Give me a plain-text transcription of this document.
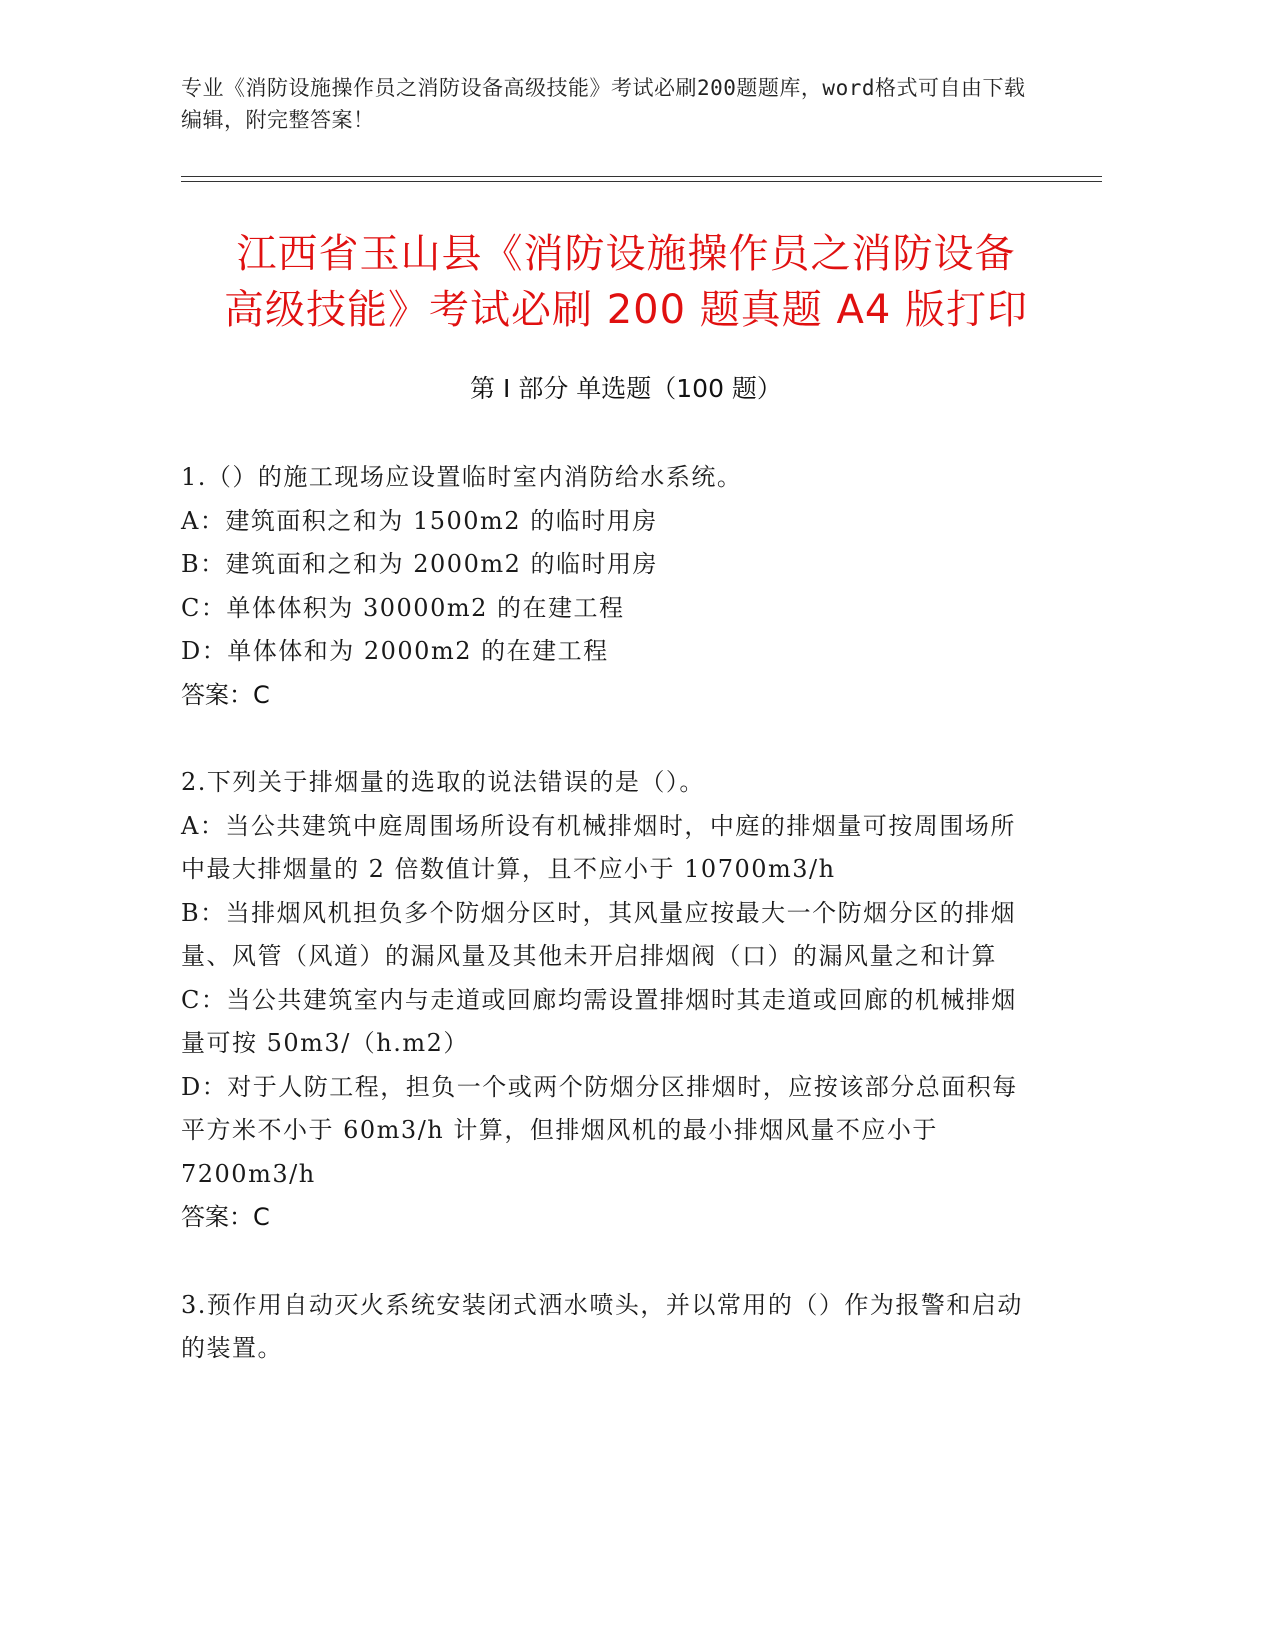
专业《消防设施操作员之消防设备高级技能》考试必刷200题题库，word格式可自由下载编辑，附完整答案！
江西省玉山县《消防设施操作员之消防设备
高级技能》考试必刷 200 题真题 A4 版打印
第 I 部分 单选题（100 题）

1.（）的施工现场应设置临时室内消防给水系统。

A：建筑面积之和为 1500m2 的临时用房

B：建筑面和之和为 2000m2 的临时用房

C：单体体积为 30000m2 的在建工程

D：单体体和为 2000m2 的在建工程

答案：C

2.下列关于排烟量的选取的说法错误的是（）。

A：当公共建筑中庭周围场所设有机械排烟时，中庭的排烟量可按周围场所中最大排烟量的 2 倍数值计算，且不应小于 10700m3/h

B：当排烟风机担负多个防烟分区时，其风量应按最大一个防烟分区的排烟量、风管（风道）的漏风量及其他未开启排烟阀（口）的漏风量之和计算

C：当公共建筑室内与走道或回廊均需设置排烟时其走道或回廊的机械排烟量可按 50m3/（h.m2）

D：对于人防工程，担负一个或两个防烟分区排烟时，应按该部分总面积每平方米不小于 60m3/h 计算，但排烟风机的最小排烟风量不应小于 7200m3/h

答案：C

3.预作用自动灭火系统安装闭式洒水喷头，并以常用的（）作为报警和启动的装置。
